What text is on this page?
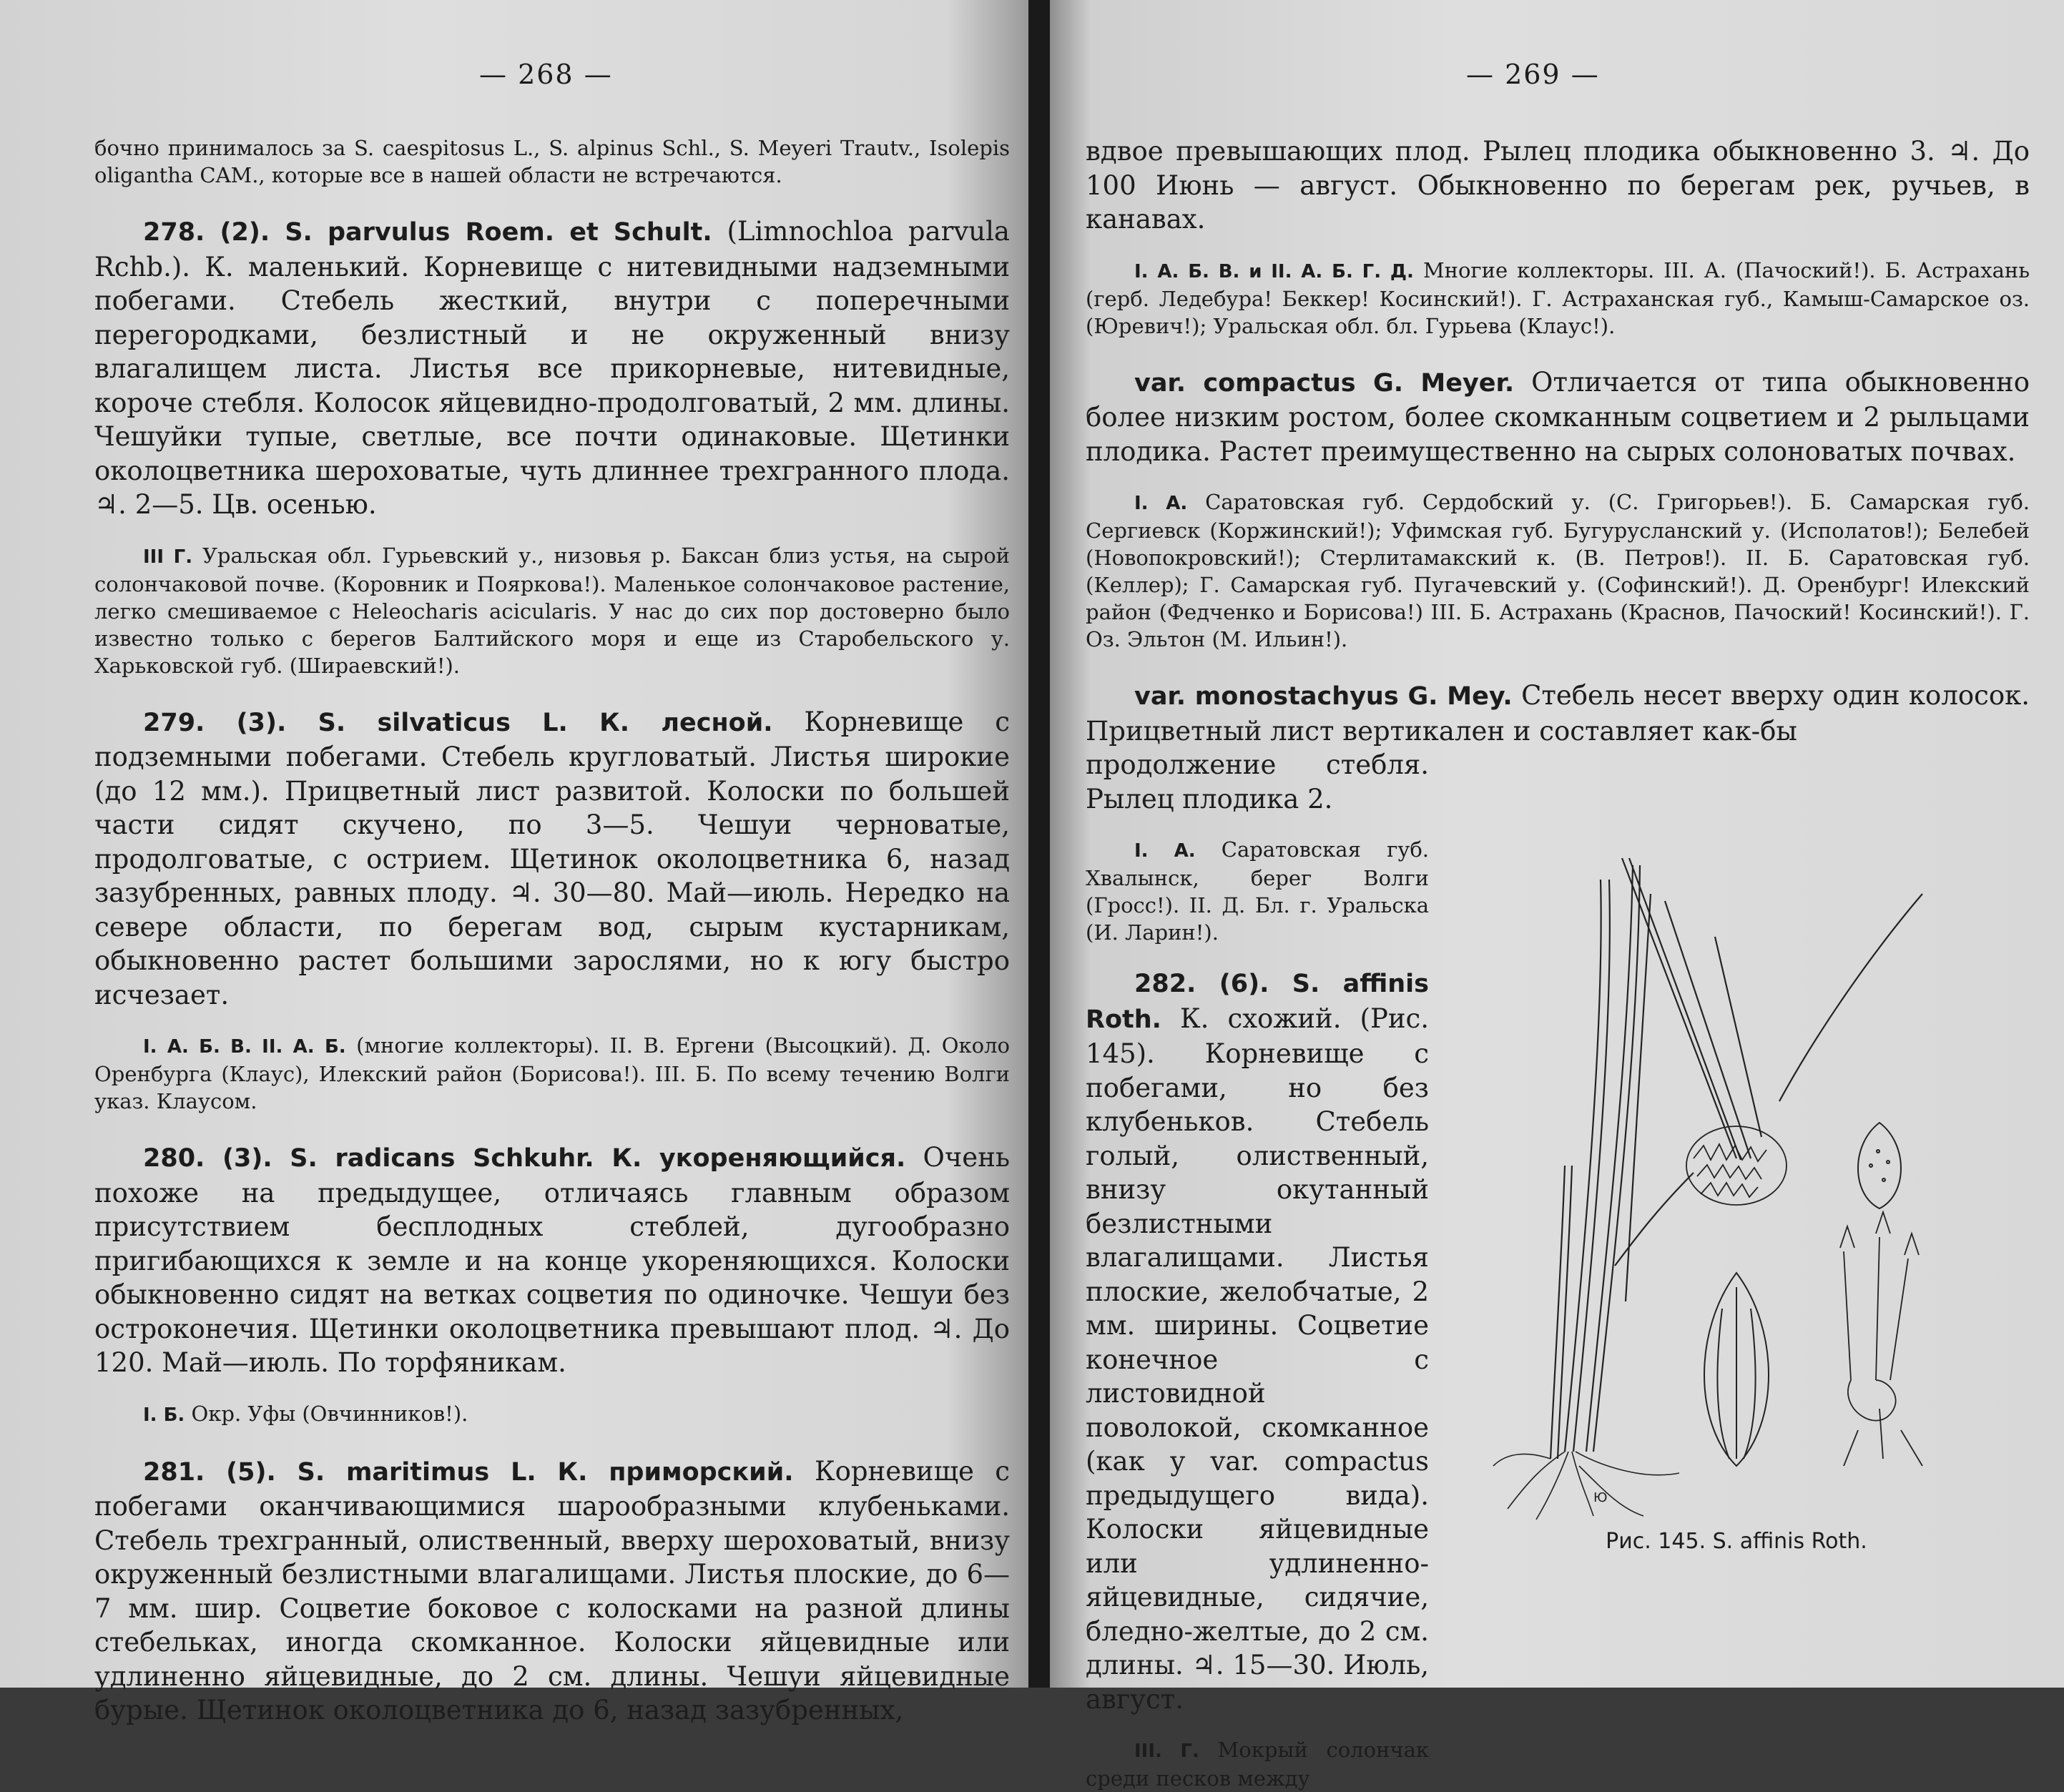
— 268 —

бочно принималось за S. caespitosus L., S. alpinus Schl., S. Meyeri Trautv., Isolepis oligantha CAM., которые все в нашей области не встречаются.

278. (2). S. parvulus Roem. et Schult. (Limnochloa parvula Rchb.). К. маленький. Корневище с нитевидными надземными побегами. Стебель жесткий, внутри с поперечными перегородками, безлистный и не окруженный внизу влагалищем листа. Листья все прикорневые, нитевидные, короче стебля. Колосок яйцевидно-продолговатый, 2 мм. длины. Чешуйки тупые, светлые, все почти одинаковые. Щетинки околоцветника шероховатые, чуть длиннее трехгранного плода. ♃. 2—5. Цв. осенью.

III Г. Уральская обл. Гурьевский у., низовья р. Баксан близ устья, на сырой солончаковой почве. (Коровник и Пояркова!). Маленькое солончаковое растение, легко смешиваемое с Heleocharis acicularis. У нас до сих пор достоверно было известно только с берегов Балтийского моря и еще из Старобельского у. Харьковской губ. (Шираевский!).

279. (3). S. silvaticus L. К. лесной. Корневище с подземными побегами. Стебель кругловатый. Листья широкие (до 12 мм.). Прицветный лист развитой. Колоски по большей части сидят скучено, по 3—5. Чешуи черноватые, продолговатые, с острием. Щетинок околоцветника 6, назад зазубренных, равных плоду. ♃. 30—80. Май—июль. Нередко на севере области, по берегам вод, сырым кустарникам, обыкновенно растет большими зарослями, но к югу быстро исчезает.

I. А. Б. В. II. А. Б. (многие коллекторы). II. В. Ергени (Высоцкий). Д. Около Оренбурга (Клаус), Илекский район (Борисова!). III. Б. По всему течению Волги указ. Клаусом.

280. (3). S. radicans Schkuhr. К. укореняющийся. Очень похоже на предыдущее, отличаясь главным образом присутствием бесплодных стеблей, дугообразно пригибающихся к земле и на конце укореняющихся. Колоски обыкновенно сидят на ветках соцветия по одиночке. Чешуи без остроконечия. Щетинки околоцветника превышают плод. ♃. До 120. Май—июль. По торфяникам.

I. Б. Окр. Уфы (Овчинников!).

281. (5). S. maritimus L. К. приморский. Корневище с побегами оканчивающимися шарообразными клубеньками. Стебель трехгранный, олиственный, вверху шероховатый, внизу окруженный безлистными влагалищами. Листья плоские, до 6—7 мм. шир. Соцветие боковое с колосками на разной длины стебельках, иногда скомканное. Колоски яйцевидные или удлиненно яйцевидные, до 2 см. длины. Чешуи яйцевидные бурые. Щетинок околоцветника до 6, назад зазубренных,

— 269 —

вдвое превышающих плод. Рылец плодика обыкновенно 3. ♃. До 100 Июнь — август. Обыкновенно по берегам рек, ручьев, в канавах.

I. А. Б. В. и II. А. Б. Г. Д. Многие коллекторы. III. А. (Пачоский!). Б. Астрахань (герб. Ледебура! Беккер! Косинский!). Г. Астраханская губ., Камыш-Самарское оз. (Юревич!); Уральская обл. бл. Гурьева (Клаус!).

var. compactus G. Meyer. Отличается от типа обыкновенно более низким ростом, более скомканным соцветием и 2 рыльцами плодика. Растет преимущественно на сырых солоноватых почвах.

I. А. Саратовская губ. Сердобский у. (С. Григорьев!). Б. Самарская губ. Сергиевск (Коржинский!); Уфимская губ. Бугурусланский у. (Исполатов!); Белебей (Новопокровский!); Стерлитамакский к. (В. Петров!). II. Б. Саратовская губ. (Келлер); Г. Самарская губ. Пугачевский у. (Софинский!). Д. Оренбург! Илекский район (Федченко и Борисова!) III. Б. Астрахань (Краснов, Пачоский! Косинский!). Г. Оз. Эльтон (М. Ильин!).

var. monostachyus G. Mey. Стебель несет вверху один колосок. Прицветный лист вертикален и составляет как-бы

продолжение стебля. Рылец плодика 2.

I. А. Саратовская губ. Хвалынск, берег Волги (Гросс!). II. Д. Бл. г. Уральска (И. Ларин!).

282. (6). S. affinis Roth. К. схожий. (Рис. 145). Корневище с побегами, но без клубеньков. Стебель голый, олиственный, внизу окутанный безлистными влагалищами. Листья плоские, желобчатые, 2 мм. ширины. Соцветие конечное с листовидной поволокой, скомканное (как у var. compactus предыдущего вида). Колоски яйцевидные или удлиненно-яйцевидные, сидячие, бледно-желтые, до 2 см. длины. ♃. 15—30. Июль, август.

III. Г. Мокрый солончак среди песков между

Ю
Рис. 145. S. affinis Roth.
